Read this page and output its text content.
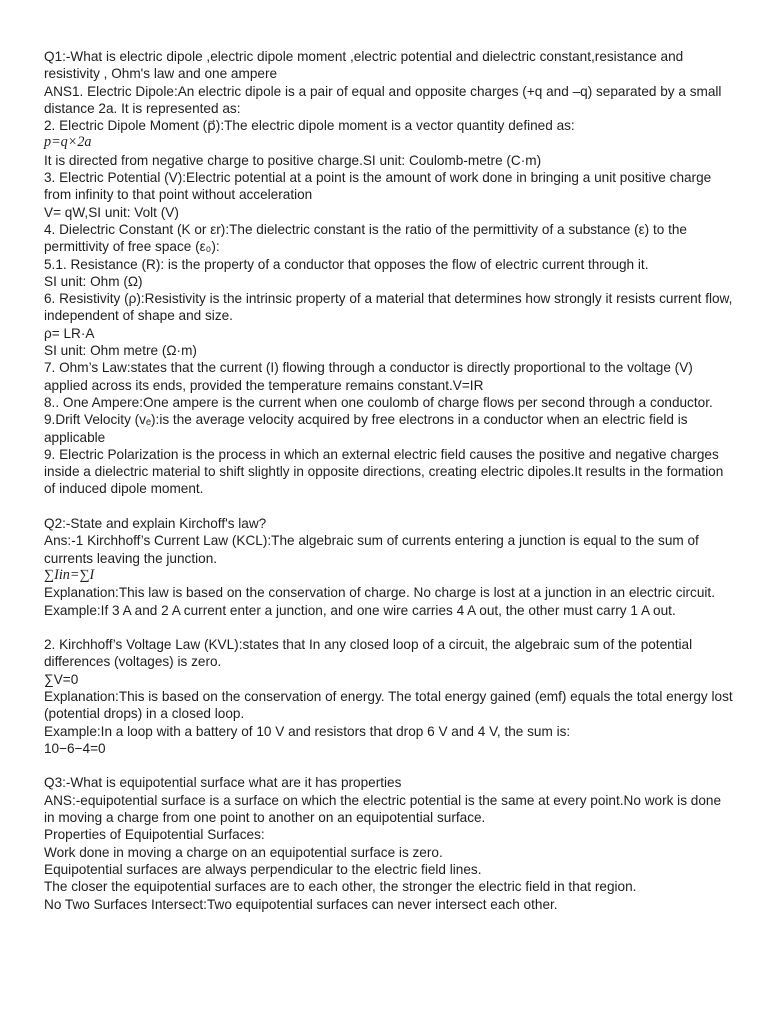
Q1:-What is electric dipole ,electric dipole moment ,electric potential and dielectric constant,resistance and resistivity , Ohm's law and one ampere
ANS1. Electric Dipole:An electric dipole is a pair of equal and opposite charges (+q and –q) separated by a small distance 2a. It is represented as:
2. Electric Dipole Moment (p⃗):The electric dipole moment is a vector quantity defined as:
p=q×2a
It is directed from negative charge to positive charge.SI unit: Coulomb-metre (C·m)
3. Electric Potential (V):Electric potential at a point is the amount of work done in bringing a unit positive charge from infinity to that point without acceleration
V= qW,SI unit: Volt (V)
4. Dielectric Constant (K or εr):The dielectric constant is the ratio of the permittivity of a substance (ε) to the permittivity of free space (ε₀):
5.1. Resistance (R): is the property of a conductor that opposes the flow of electric current through it.
SI unit: Ohm (Ω)
6. Resistivity (ρ):Resistivity is the intrinsic property of a material that determines how strongly it resists current flow, independent of shape and size.
ρ= LR·A
SI unit: Ohm metre (Ω·m)
7. Ohm’s Law:states that the current (I) flowing through a conductor is directly proportional to the voltage (V) applied across its ends, provided the temperature remains constant.V=IR
8.. One Ampere:One ampere is the current when one coulomb of charge flows per second through a conductor.
9.Drift Velocity (vₑ):is the average velocity acquired by free electrons in a conductor when an electric field is applicable
9. Electric Polarization is the process in which an external electric field causes the positive and negative charges inside a dielectric material to shift slightly in opposite directions, creating electric dipoles.It results in the formation of induced dipole moment.
Q2:-State and explain Kirchoff's law?
Ans:-1 Kirchhoff’s Current Law (KCL):The algebraic sum of currents entering a junction is equal to the sum of currents leaving the junction.
∑Iin=∑I
Explanation:This law is based on the conservation of charge. No charge is lost at a junction in an electric circuit.
Example:If 3 A and 2 A current enter a junction, and one wire carries 4 A out, the other must carry 1 A out.
2. Kirchhoff’s Voltage Law (KVL):states that In any closed loop of a circuit, the algebraic sum of the potential differences (voltages) is zero.
∑V=0
Explanation:This is based on the conservation of energy. The total energy gained (emf) equals the total energy lost (potential drops) in a closed loop.
Example:In a loop with a battery of 10 V and resistors that drop 6 V and 4 V, the sum is:
10−6−4=0
Q3:-What is equipotential surface what are it has properties
ANS:-equipotential surface is a surface on which the electric potential is the same at every point.No work is done in moving a charge from one point to another on an equipotential surface.
Properties of Equipotential Surfaces:
Work done in moving a charge on an equipotential surface is zero.
Equipotential surfaces are always perpendicular to the electric field lines.
The closer the equipotential surfaces are to each other, the stronger the electric field in that region.
No Two Surfaces Intersect:Two equipotential surfaces can never intersect each other.
